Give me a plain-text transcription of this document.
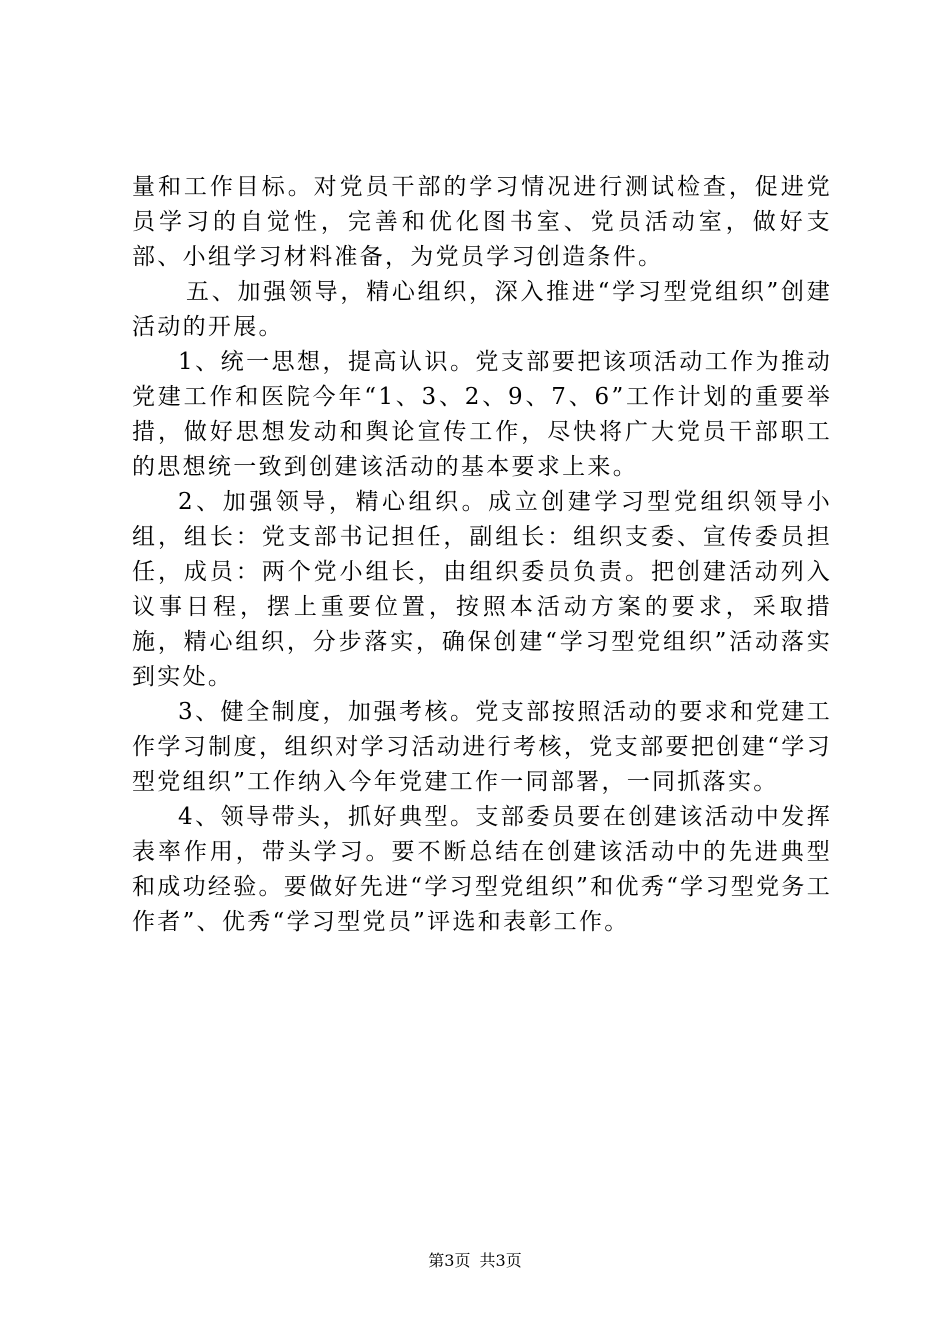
量和工作目标。对党员干部的学习情况进行测试检查，促进党员学习的自觉性，完善和优化图书室、党员活动室，做好支部、小组学习材料准备，为党员学习创造条件。

五、加强领导，精心组织，深入推进“学习型党组织”创建活动的开展。

1、统一思想，提高认识。党支部要把该项活动工作为推动党建工作和医院今年“1、3、2、9、7、6”工作计划的重要举措，做好思想发动和舆论宣传工作，尽快将广大党员干部职工的思想统一致到创建该活动的基本要求上来。

2、加强领导，精心组织。成立创建学习型党组织领导小组，组长：党支部书记担任，副组长：组织支委、宣传委员担任，成员：两个党小组长，由组织委员负责。把创建活动列入议事日程，摆上重要位置，按照本活动方案的要求，采取措施，精心组织，分步落实，确保创建“学习型党组织”活动落实到实处。

3、健全制度，加强考核。党支部按照活动的要求和党建工作学习制度，组织对学习活动进行考核，党支部要把创建“学习型党组织”工作纳入今年党建工作一同部署，一同抓落实。

4、领导带头，抓好典型。支部委员要在创建该活动中发挥表率作用，带头学习。要不断总结在创建该活动中的先进典型和成功经验。要做好先进“学习型党组织”和优秀“学习型党务工作者”、优秀“学习型党员”评选和表彰工作。

第3页 共3页
